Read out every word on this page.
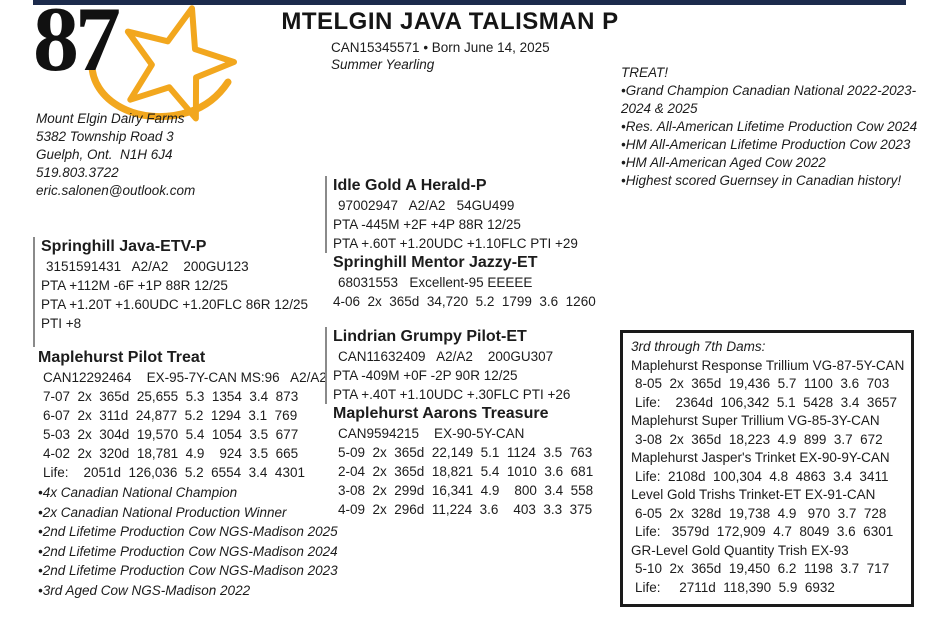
87	MTELGIN JAVA TALISMAN P
CAN15345571 • Born June 14, 2025
Summer Yearling
Mount Elgin Dairy Farms
5382 Township Road 3
Guelph, Ont.  N1H 6J4
519.803.3722
eric.salonen@outlook.com
TREAT!
•Grand Champion Canadian National 2022-2023- 2024 & 2025
•Res. All-American Lifetime Production Cow 2024
•HM All-American Lifetime Production Cow 2023
•HM All-American Aged Cow 2022
•Highest scored Guernsey in Canadian history!
Springhill Java-ETV-P
3151591431   A2/A2    200GU123
PTA +112M -6F +1P 88R 12/25
PTA +1.20T +1.60UDC +1.20FLC 86R 12/25
PTI +8
Maplehurst Pilot Treat
CAN12292464    EX-95-7Y-CAN MS:96   A2/A2
7-07  2x  365d  25,655  5.3  1354  3.4  873
6-07  2x  311d  24,877  5.2  1294  3.1  769
5-03  2x  304d  19,570  5.4  1054  3.5  677
4-02  2x  320d  18,781  4.9    924  3.5  665
Life:    2051d  126,036  5.2  6554  3.4  4301
•4x Canadian National Champion
•2x Canadian National Production Winner
•2nd Lifetime Production Cow NGS-Madison 2025
•2nd Lifetime Production Cow NGS-Madison 2024
•2nd Lifetime Production Cow NGS-Madison 2023
•3rd Aged Cow NGS-Madison 2022
Idle Gold A Herald-P
97002947   A2/A2   54GU499
PTA -445M +2F +4P 88R 12/25
PTA +.60T +1.20UDC +1.10FLC PTI +29
Springhill Mentor Jazzy-ET
68031553   Excellent-95 EEEEE
4-06  2x  365d  34,720  5.2  1799  3.6  1260
Lindrian Grumpy Pilot-ET
CAN11632409   A2/A2    200GU307
PTA -409M +0F -2P 90R 12/25
PTA +.40T +1.10UDC +.30FLC PTI +26
Maplehurst Aarons Treasure
CAN9594215    EX-90-5Y-CAN
5-09  2x  365d  22,149  5.1  1124  3.5  763
2-04  2x  365d  18,821  5.4  1010  3.6  681
3-08  2x  299d  16,341  4.9    800  3.4  558
4-09  2x  296d  11,224  3.6    403  3.3  375
3rd through 7th Dams:
Maplehurst Response Trillium VG-87-5Y-CAN
8-05  2x  365d  19,436  5.7  1100  3.6  703
Life:    2364d  106,342  5.1  5428  3.4  3657
Maplehurst Super Trillium VG-85-3Y-CAN
3-08  2x  365d  18,223  4.9  899  3.7  672
Maplehurst Jasper's Trinket EX-90-9Y-CAN
Life:  2108d  100,304  4.8  4863  3.4  3411
Level Gold Trishs Trinket-ET EX-91-CAN
6-05  2x  328d  19,738  4.9   970  3.7  728
Life:   3579d  172,909  4.7  8049  3.6  6301
GR-Level Gold Quantity Trish EX-93
5-10  2x  365d  19,450  6.2  1198  3.7  717
Life:     2711d  118,390  5.9  6932
